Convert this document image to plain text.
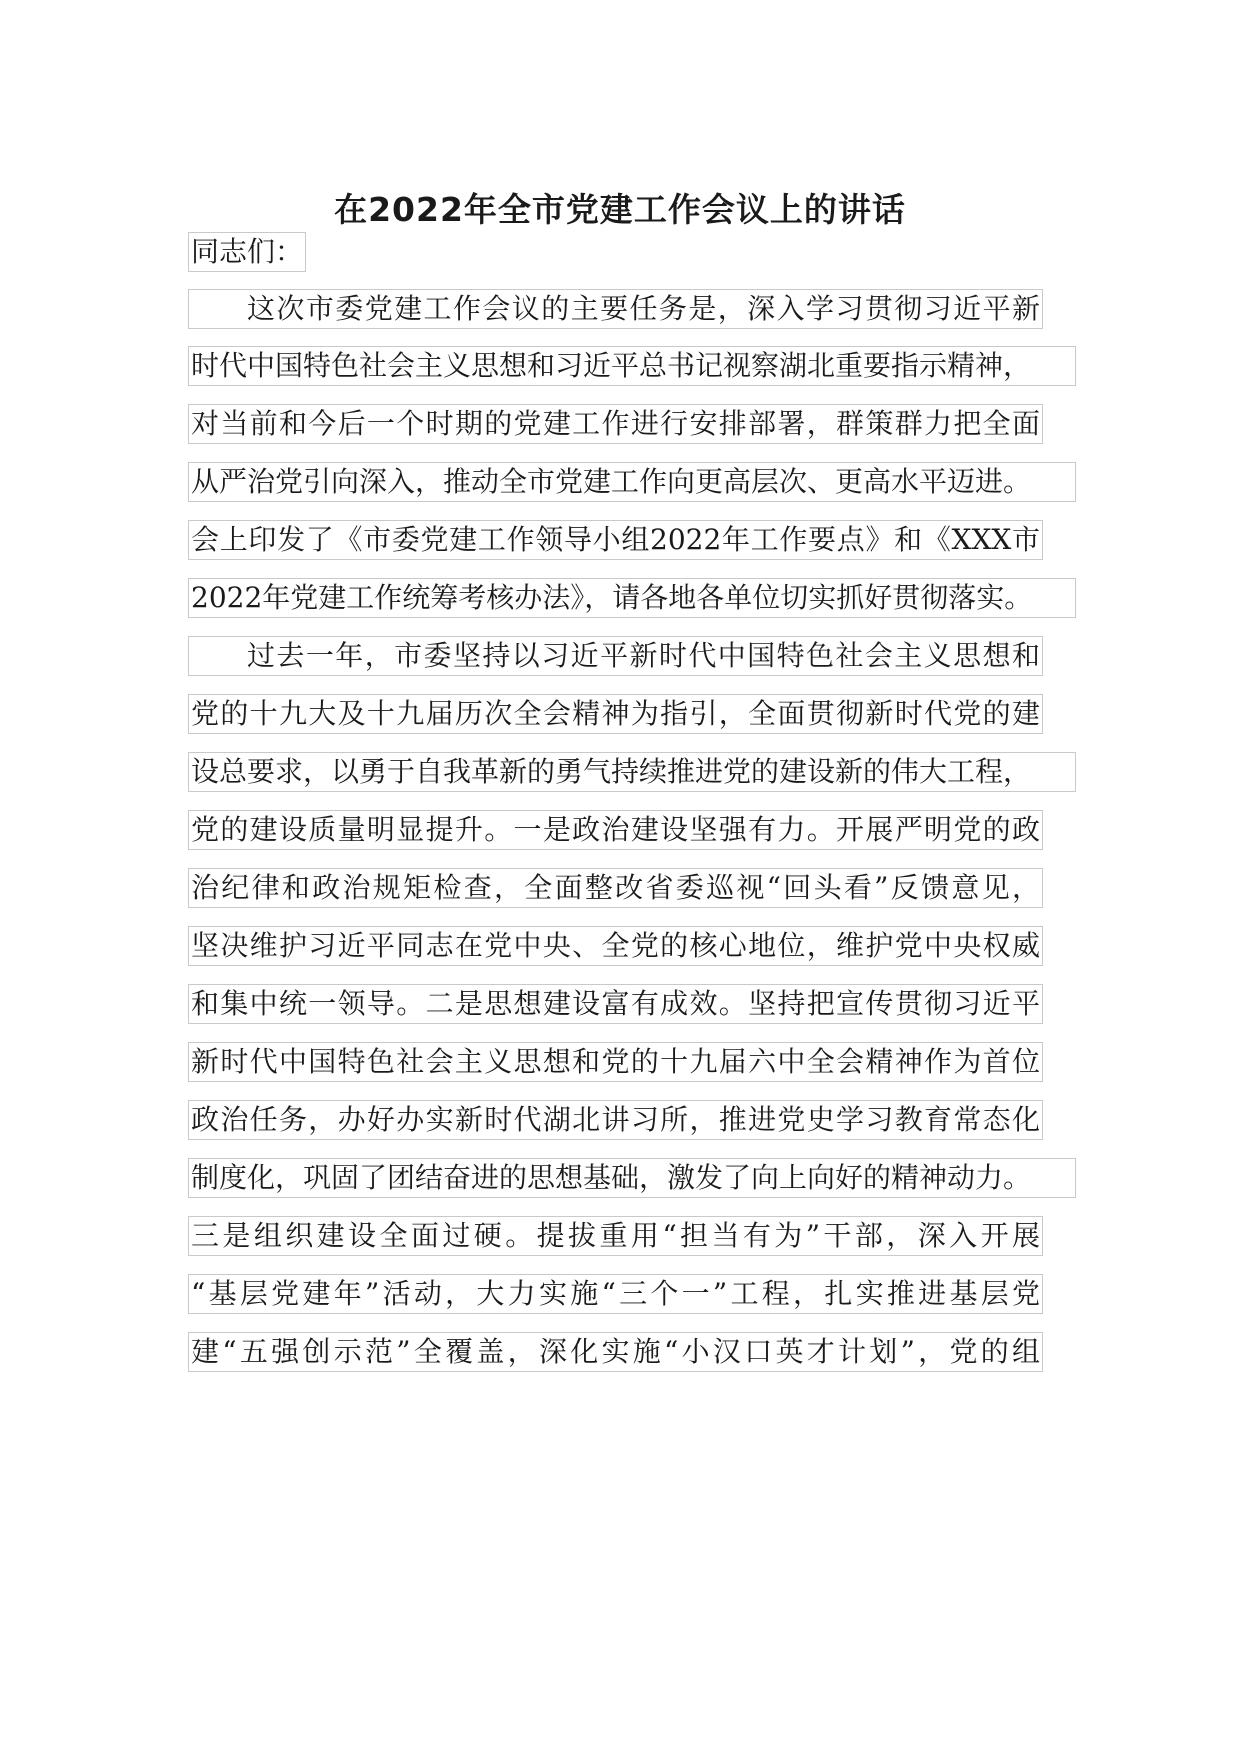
在2022年全市党建工作会议上的讲话
同志们：
这次市委党建工作会议的主要任务是，深入学习贯彻习近平新
时代中国特色社会主义思想和习近平总书记视察湖北重要指示精神，
对当前和今后一个时期的党建工作进行安排部署，群策群力把全面
从严治党引向深入，推动全市党建工作向更高层次、更高水平迈进。
会上印发了《市委党建工作领导小组2022年工作要点》和《XXX市
2022年党建工作统筹考核办法》，请各地各单位切实抓好贯彻落实。
过去一年，市委坚持以习近平新时代中国特色社会主义思想和
党的十九大及十九届历次全会精神为指引，全面贯彻新时代党的建
设总要求，以勇于自我革新的勇气持续推进党的建设新的伟大工程，
党的建设质量明显提升。一是政治建设坚强有力。开展严明党的政
治纪律和政治规矩检查，全面整改省委巡视“回头看”反馈意见，
坚决维护习近平同志在党中央、全党的核心地位，维护党中央权威
和集中统一领导。二是思想建设富有成效。坚持把宣传贯彻习近平
新时代中国特色社会主义思想和党的十九届六中全会精神作为首位
政治任务，办好办实新时代湖北讲习所，推进党史学习教育常态化
制度化，巩固了团结奋进的思想基础，激发了向上向好的精神动力。
三是组织建设全面过硬。提拔重用“担当有为”干部，深入开展
“基层党建年”活动，大力实施“三个一”工程，扎实推进基层党
建“五强创示范”全覆盖，深化实施“小汉口英才计划”，党的组
